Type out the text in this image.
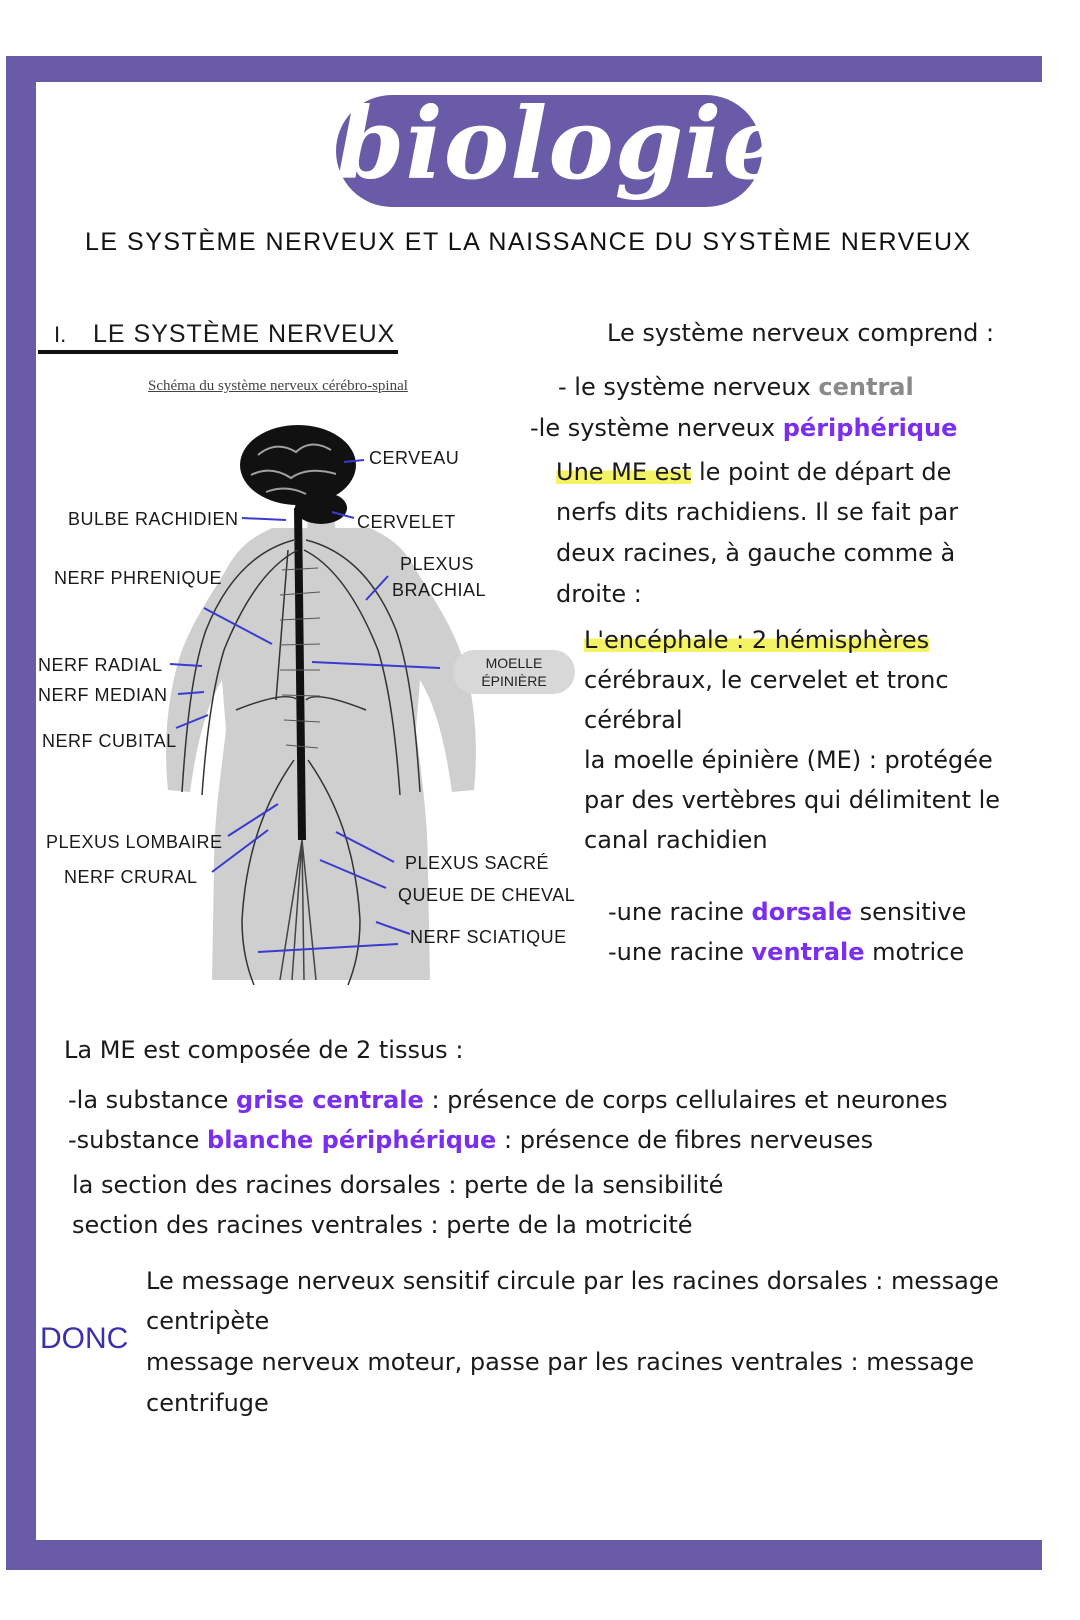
biologie
LE SYSTÈME NERVEUX ET LA NAISSANCE DU SYSTÈME NERVEUX
I. LE SYSTÈME NERVEUX
Schéma du système nerveux cérébro-spinal
CERVEAU
BULBE RACHIDIEN	CERVELET
NERF PHRENIQUE
PLEXUS
BRACHIAL
NERF RADIAL
NERF MEDIAN
NERF CUBITAL
MOELLE
ÉPINIÈRE
PLEXUS LOMBAIRE
NERF CRURAL
PLEXUS SACRÉ
QUEUE DE CHEVAL
NERF SCIATIQUE
Le système nerveux comprend :
- le système nerveux central
-le système nerveux périphérique
Une ME est le point de départ de
nerfs dits rachidiens. Il se fait par
deux racines, à gauche comme à
droite :
L'encéphale : 2 hémisphères
cérébraux, le cervelet et tronc
cérébral
la moelle épinière (ME) : protégée
par des vertèbres qui délimitent le
canal rachidien
-une racine dorsale sensitive
-une racine ventrale motrice
La ME est composée de 2 tissus :
-la substance grise centrale : présence de corps cellulaires et neurones
-substance blanche périphérique : présence de fibres nerveuses
la section des racines dorsales : perte de la sensibilité
section des racines ventrales : perte de la motricité
DONC
Le message nerveux sensitif circule par les racines dorsales : message
centripète
message nerveux moteur, passe par les racines ventrales : message
centrifuge
